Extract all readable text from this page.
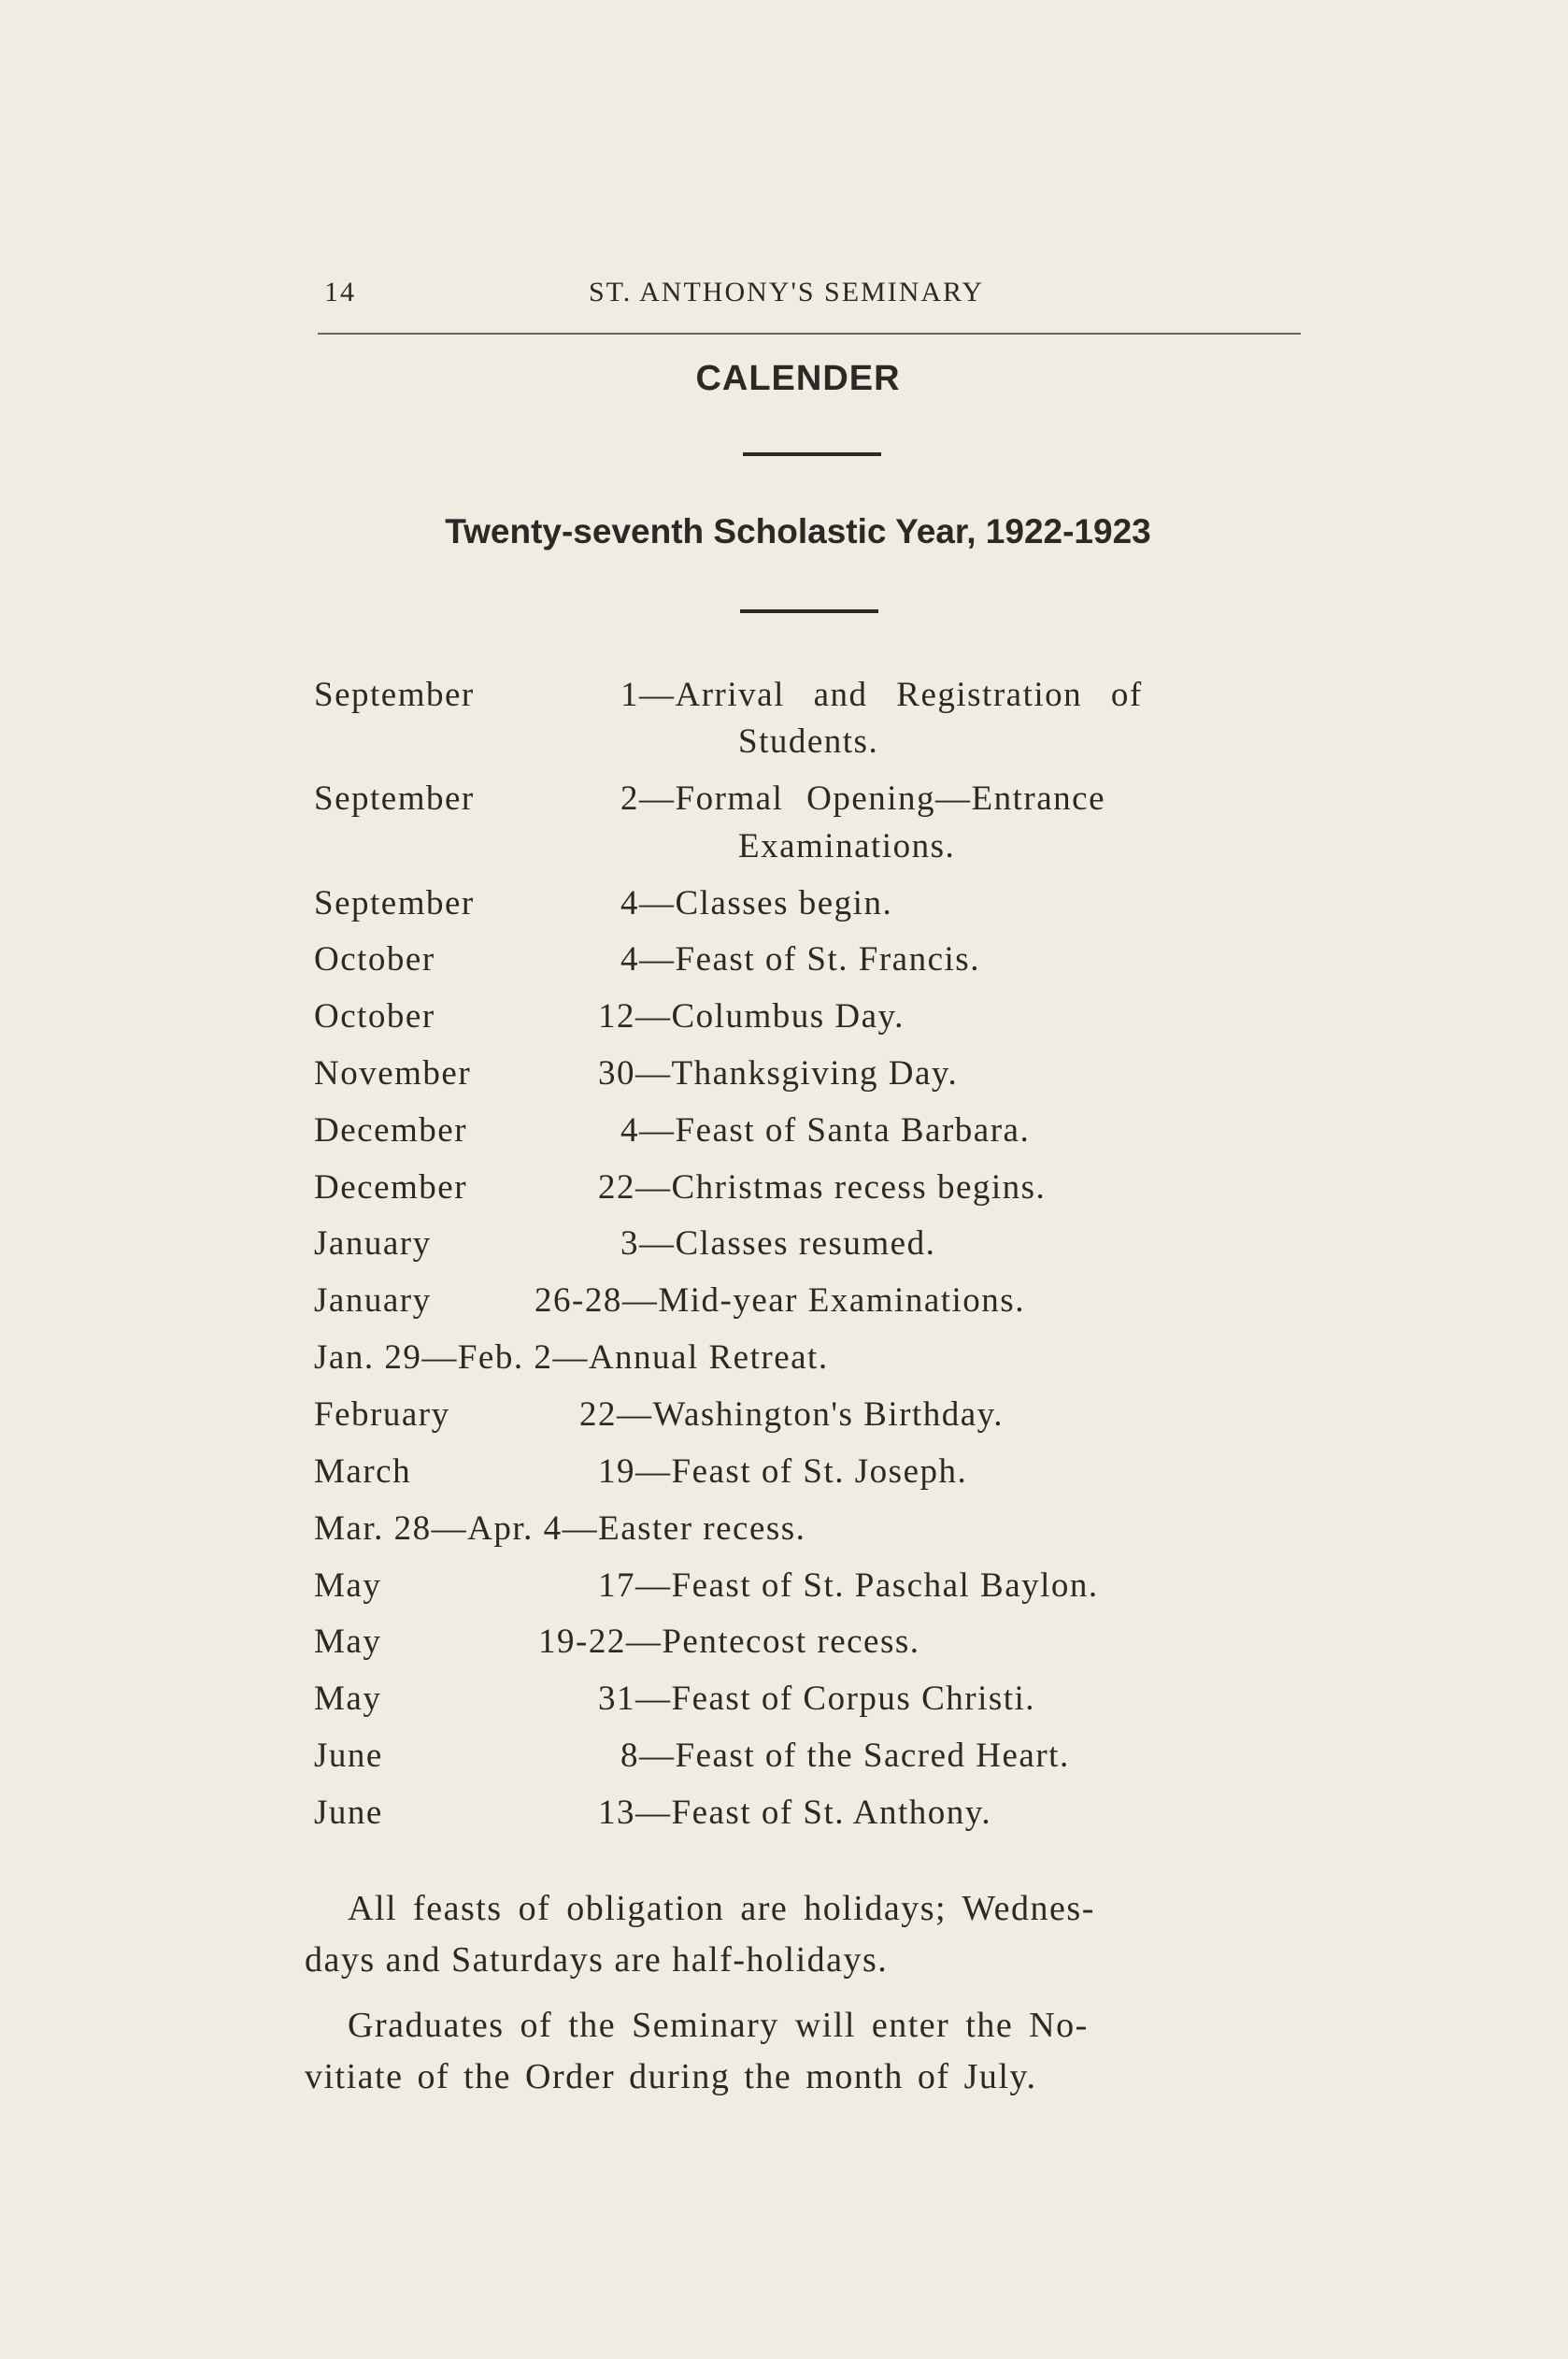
14	ST. ANTHONY'S SEMINARY
CALENDER
Twenty-seventh Scholastic Year, 1922-1923
September	1—Arrival and Registration of
Students.
September	2—Formal Opening—Entrance
Examinations.
September	4—Classes begin.
October	4—Feast of St. Francis.
October	12—Columbus Day.
November	30—Thanksgiving Day.
December	4—Feast of Santa Barbara.
December	22—Christmas recess begins.
January	3—Classes resumed.
January	26-28—Mid-year Examinations.
Jan. 29—Feb. 2—Annual Retreat.
February	22—Washington's Birthday.
March	19—Feast of St. Joseph.
Mar. 28—Apr. 4—Easter recess.
May	17—Feast of St. Paschal Baylon.
May	19-22—Pentecost recess.
May	31—Feast of Corpus Christi.
June	8—Feast of the Sacred Heart.
June	13—Feast of St. Anthony.
All feasts of obligation are holidays; Wednes-
days and Saturdays are half-holidays.
Graduates of the Seminary will enter the No-
vitiate of the Order during the month of July.
